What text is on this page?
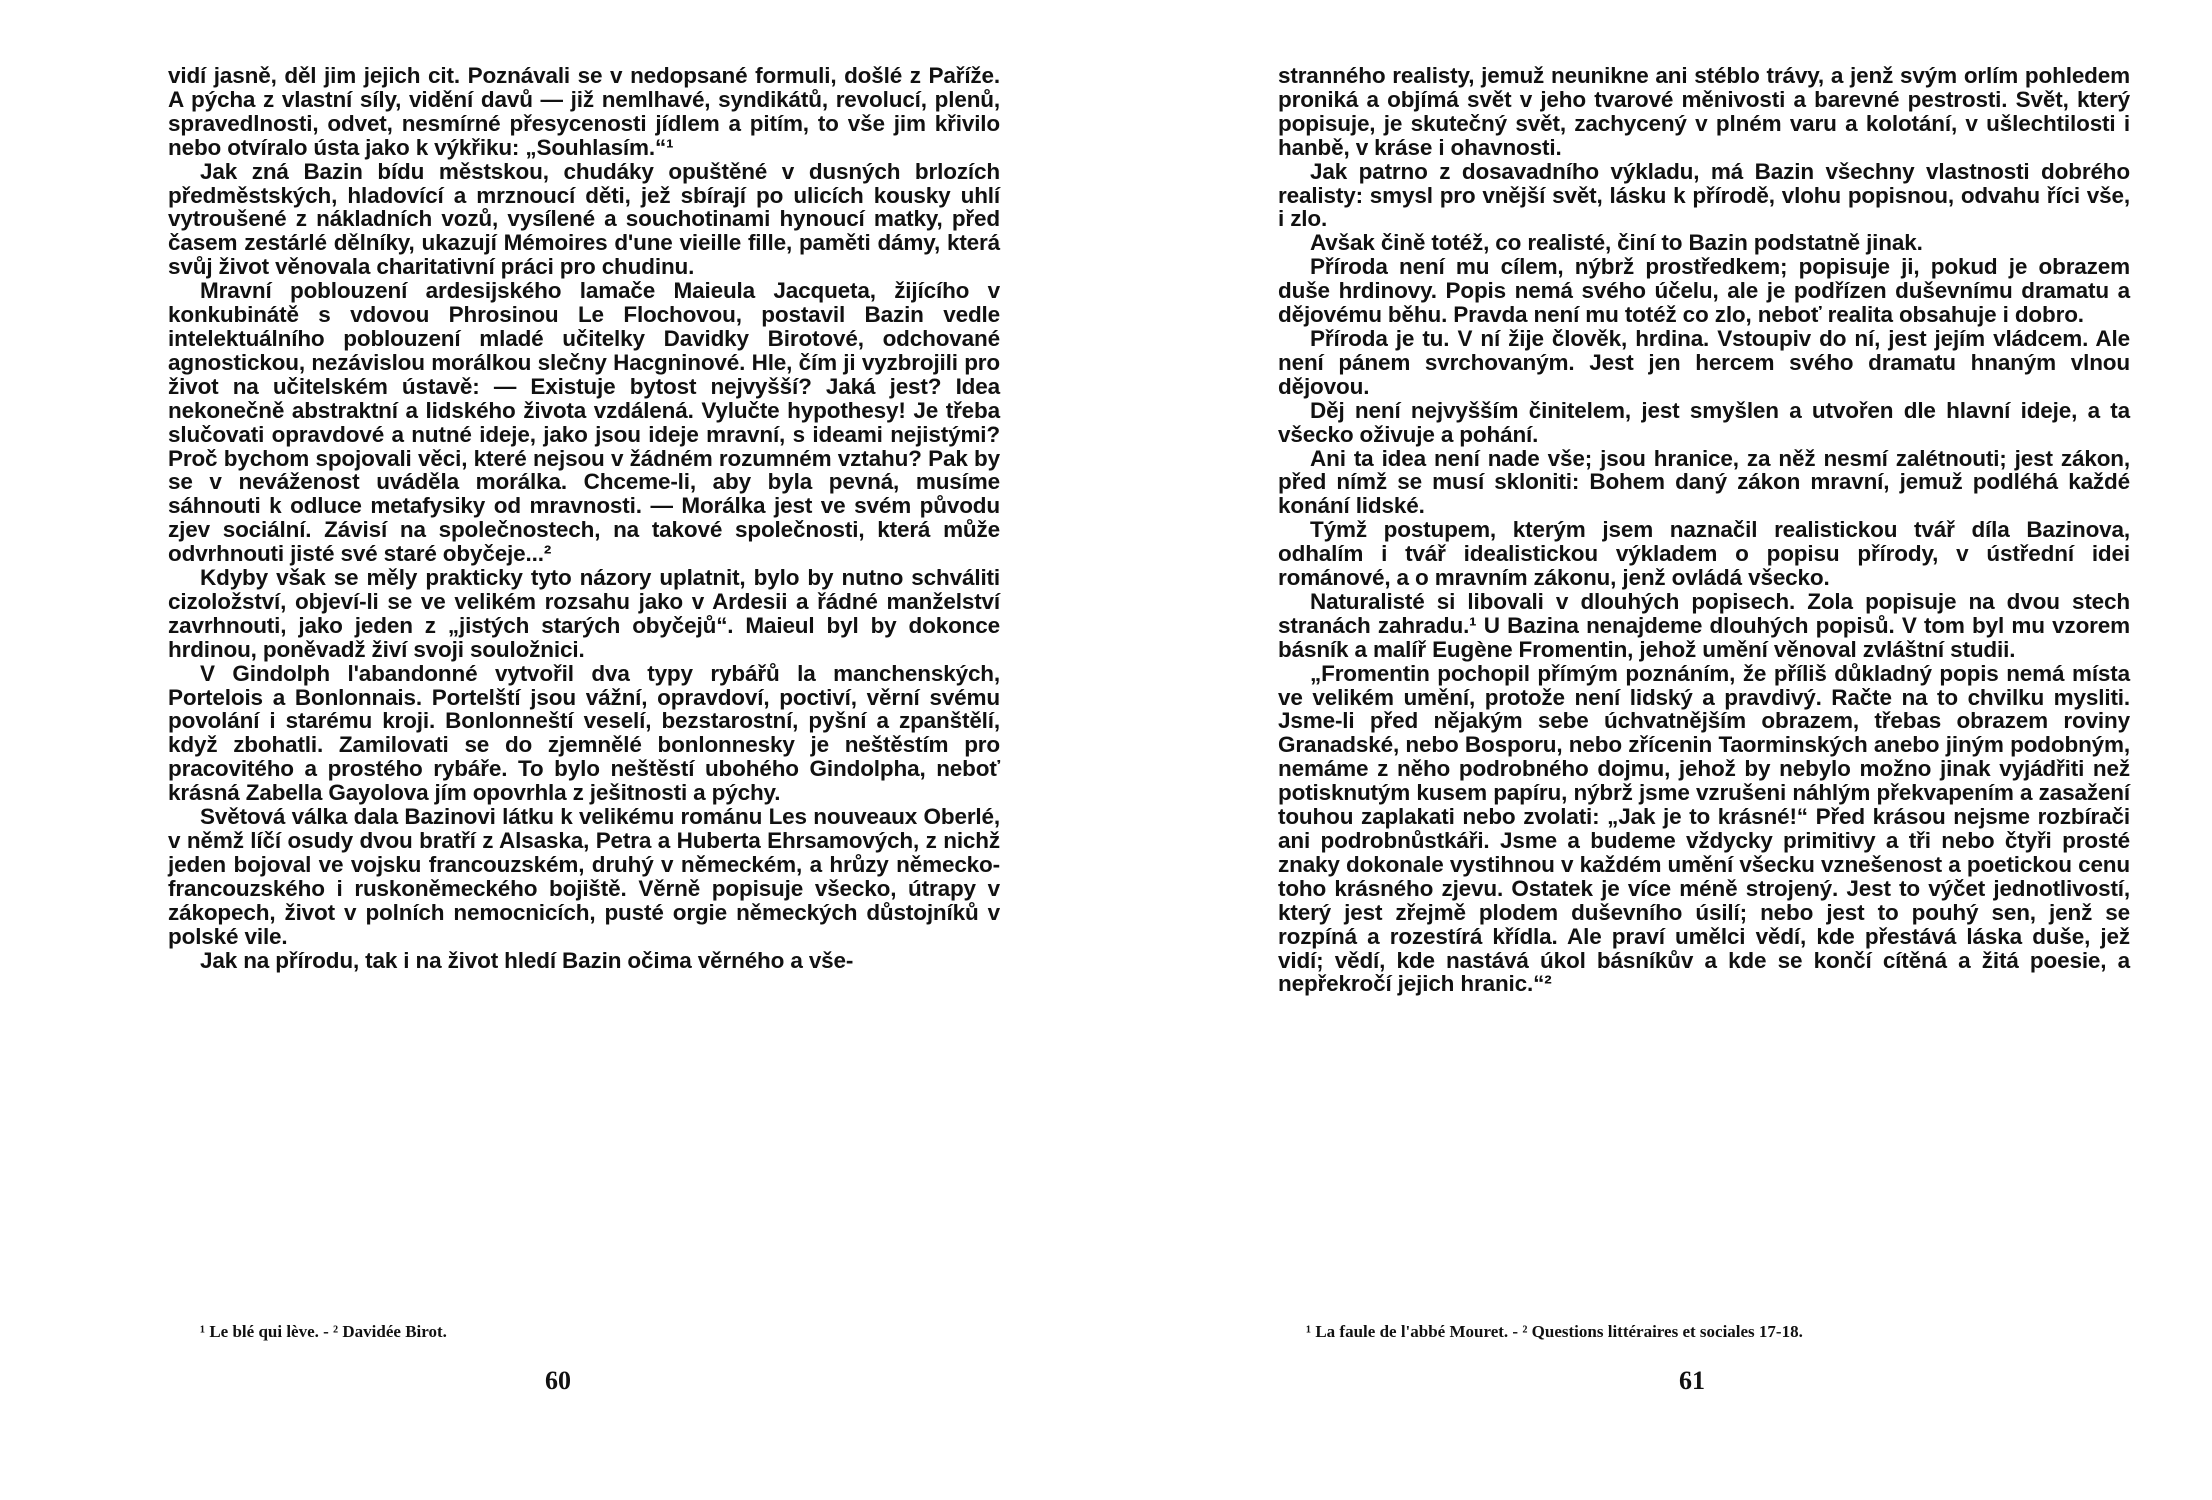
vidí jasně, děl jim jejich cit. Poznávali se v nedopsané formuli, došlé z Paříže. A pýcha z vlastní síly, vidění davů — již nemlhavé, syndikátů, revolucí, plenů, spravedlnosti, odvet, nesmírné přesycenosti jídlem a pitím, to vše jim křivilo nebo otvíralo ústa jako k výkřiku: „Souhlasím.“¹

Jak zná Bazin bídu městskou, chudáky opuštěné v dusných brlozích předměstských, hladovící a mrznoucí děti, jež sbírají po ulicích kousky uhlí vytroušené z nákladních vozů, vysílené a souchotinami hynoucí matky, před časem zestárlé dělníky, ukazují Mémoires d'une vieille fille, paměti dámy, která svůj život věnovala charitativní práci pro chudinu.

Mravní poblouzení ardesijského lamače Maieula Jacqueta, žijícího v konkubinátě s vdovou Phrosinou Le Flochovou, postavil Bazin vedle intelektuálního poblouzení mladé učitelky Davidky Birotové, odchované agnostickou, nezávislou morálkou slečny Hacgninové. Hle, čím ji vyzbrojili pro život na učitelském ústavě: — Existuje bytost nejvyšší? Jaká jest? Idea nekonečně abstraktní a lidského života vzdálená. Vylučte hypothesy! Je třeba slučovati opravdové a nutné ideje, jako jsou ideje mravní, s ideami nejistými? Proč bychom spojovali věci, které nejsou v žádném rozumném vztahu? Pak by se v neváženost uváděla morálka. Chceme-li, aby byla pevná, musíme sáhnouti k odluce metafysiky od mravnosti. — Morálka jest ve svém původu zjev sociální. Závisí na společnostech, na takové společnosti, která může odvrhnouti jisté své staré obyčeje...²

Kdyby však se měly prakticky tyto názory uplatnit, bylo by nutno schváliti cizoložství, objeví-li se ve velikém rozsahu jako v Ardesii a řádné manželství zavrhnouti, jako jeden z „jistých starých obyčejů“. Maieul byl by dokonce hrdinou, poněvadž živí svoji souložnici.

V Gindolph l'abandonné vytvořil dva typy rybářů la manchenských, Portelois a Bonlonnais. Portelští jsou vážní, opravdoví, poctiví, věrní svému povolání i starému kroji. Bonlonneští veselí, bezstarostní, pyšní a zpanštělí, když zbohatli. Zamilovati se do zjemnělé bonlonnesky je neštěstím pro pracovitého a prostého rybáře. To bylo neštěstí ubohého Gindolpha, neboť krásná Zabella Gayolova jím opovrhla z ješitnosti a pýchy.

Světová válka dala Bazinovi látku k velikému románu Les nouveaux Oberlé, v němž líčí osudy dvou bratří z Alsaska, Petra a Huberta Ehrsamových, z nichž jeden bojoval ve vojsku francouzském, druhý v německém, a hrůzy německo-francouzského i ruskoněmeckého bojiště. Věrně popisuje všecko, útrapy v zákopech, život v polních nemocnicích, pusté orgie německých důstojníků v polské vile.

Jak na přírodu, tak i na život hledí Bazin očima věrného a vše-

¹ Le blé qui lève. - ² Davidée Birot.
60

stranného realisty, jemuž neunikne ani stéblo trávy, a jenž svým orlím pohledem proniká a objímá svět v jeho tvarové měnivosti a barevné pestrosti. Svět, který popisuje, je skutečný svět, zachycený v plném varu a kolotání, v ušlechtilosti i hanbě, v kráse i ohavnosti.

Jak patrno z dosavadního výkladu, má Bazin všechny vlastnosti dobrého realisty: smysl pro vnější svět, lásku k přírodě, vlohu popisnou, odvahu říci vše, i zlo.

Avšak čině totéž, co realisté, činí to Bazin podstatně jinak.

Příroda není mu cílem, nýbrž prostředkem; popisuje ji, pokud je obrazem duše hrdinovy. Popis nemá svého účelu, ale je podřízen duševnímu dramatu a dějovému běhu. Pravda není mu totéž co zlo, neboť realita obsahuje i dobro.

Příroda je tu. V ní žije člověk, hrdina. Vstoupiv do ní, jest jejím vládcem. Ale není pánem svrchovaným. Jest jen hercem svého dramatu hnaným vlnou dějovou.

Děj není nejvyšším činitelem, jest smyšlen a utvořen dle hlavní ideje, a ta všecko oživuje a pohání.

Ani ta idea není nade vše; jsou hranice, za něž nesmí zalétnouti; jest zákon, před nímž se musí skloniti: Bohem daný zákon mravní, jemuž podléhá každé konání lidské.

Týmž postupem, kterým jsem naznačil realistickou tvář díla Bazinova, odhalím i tvář idealistickou výkladem o popisu přírody, v ústřední idei románové, a o mravním zákonu, jenž ovládá všecko.

Naturalisté si libovali v dlouhých popisech. Zola popisuje na dvou stech stranách zahradu.¹ U Bazina nenajdeme dlouhých popisů. V tom byl mu vzorem básník a malíř Eugène Fromentin, jehož umění věnoval zvláštní studii.

„Fromentin pochopil přímým poznáním, že příliš důkladný popis nemá místa ve velikém umění, protože není lidský a pravdivý. Račte na to chvilku mysliti. Jsme-li před nějakým sebe úchvatnějším obrazem, třebas obrazem roviny Granadské, nebo Bosporu, nebo zřícenin Taorminských anebo jiným podobným, nemáme z něho podrobného dojmu, jehož by nebylo možno jinak vyjádřiti než potisknutým kusem papíru, nýbrž jsme vzrušeni náhlým překvapením a zasažení touhou zaplakati nebo zvolati: „Jak je to krásné!“ Před krásou nejsme rozbírači ani podrobnůstkáři. Jsme a budeme vždycky primitivy a tři nebo čtyři prosté znaky dokonale vystihnou v každém umění všecku vznešenost a poetickou cenu toho krásného zjevu. Ostatek je více méně strojený. Jest to výčet jednotlivostí, který jest zřejmě plodem duševního úsilí; nebo jest to pouhý sen, jenž se rozpíná a rozestírá křídla. Ale praví umělci vědí, kde přestává láska duše, jež vidí; vědí, kde nastává úkol básníkův a kde se končí cítěná a žitá poesie, a nepřekročí jejich hranic.“²

¹ La faule de l'abbé Mouret. - ² Questions littéraires et sociales 17-18.
61
